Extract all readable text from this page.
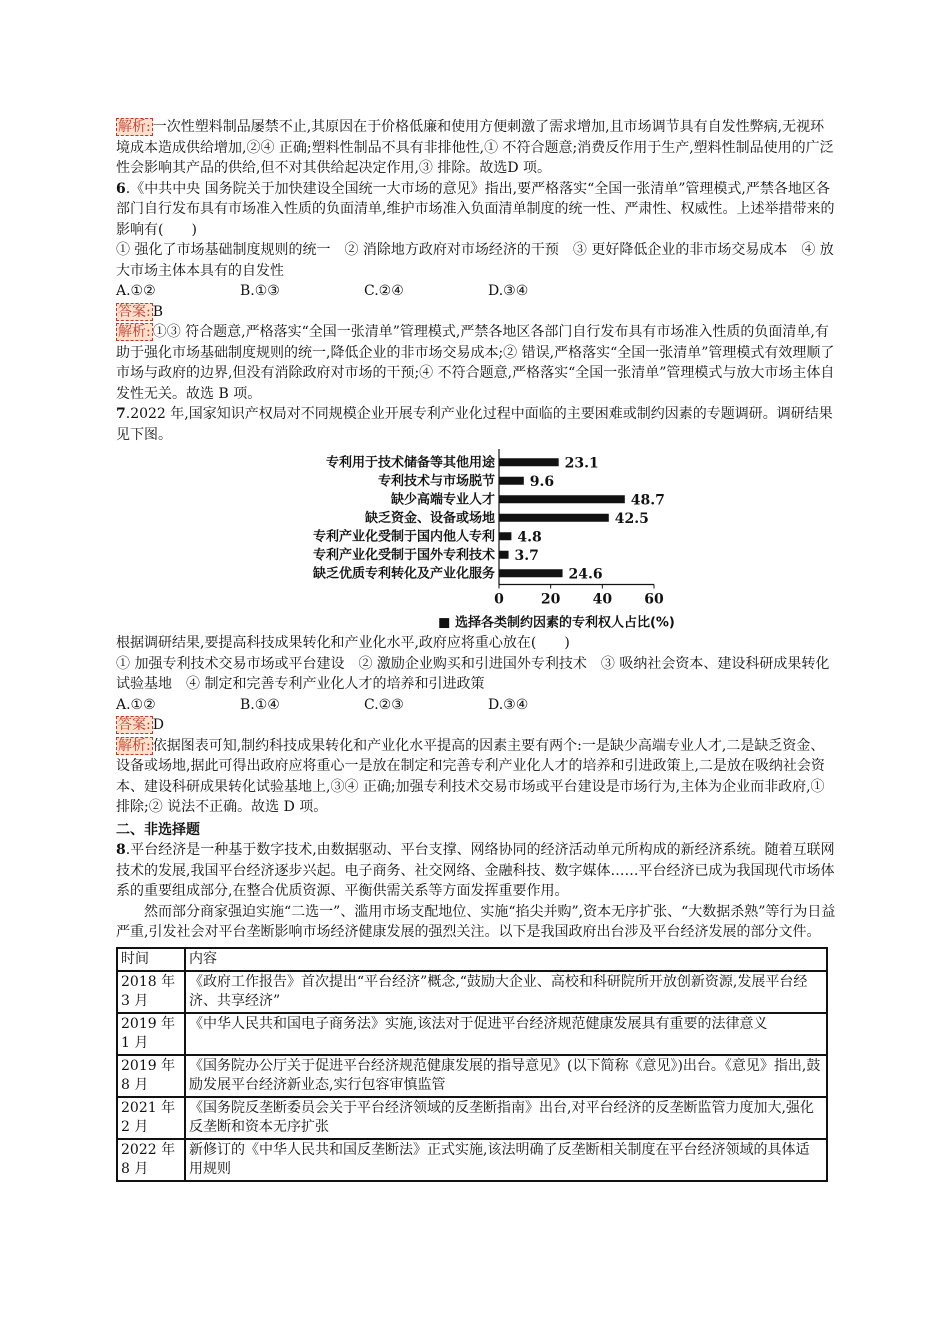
解析: 一次性塑料制品屡禁不止,其原因在于价格低廉和使用方便刺激了需求增加,且市场调节具有自发性弊病,无视环境成本造成供给增加,②④ 正确;塑料性制品不具有非排他性,① 不符合题意;消费反作用于生产,塑料性制品使用的广泛性会影响其产品的供给,但不对其供给起决定作用,③ 排除。故选D 项。

6.《中共中央 国务院关于加快建设全国统一大市场的意见》指出,要严格落实“全国一张清单”管理模式,严禁各地区各部门自行发布具有市场准入性质的负面清单,维护市场准入负面清单制度的统一性、严肃性、权威性。上述举措带来的影响有(　　)

① 强化了市场基础制度规则的统一　② 消除地方政府对市场经济的干预　③ 更好降低企业的非市场交易成本　④ 放大市场主体本具有的自发性

A.①②	B.①③	C.②④	D.③④

答案: B

解析: ①③ 符合题意,严格落实“全国一张清单”管理模式,严禁各地区各部门自行发布具有市场准入性质的负面清单,有助于强化市场基础制度规则的统一,降低企业的非市场交易成本;② 错误,严格落实“全国一张清单”管理模式有效理顺了市场与政府的边界,但没有消除政府对市场的干预;④ 不符合题意,严格落实“全国一张清单”管理模式与放大市场主体自发性无关。故选 B 项。

7.2022 年,国家知识产权局对不同规模企业开展专利产业化过程中面临的主要困难或制约因素的专题调研。调研结果见下图。

专利用于技术储备等其他用途	23.1
专利技术与市场脱节 9.6
缺少高端专业人才	48.7
缺乏资金、设备或场地	42.5
专利产业化受制于国内他人专利 4.8
专利产业化受制于国外专利技术 3.7
缺乏优质专利转化及产业化服务	24.6
0	20 40 60
■ 选择各类制约因素的专利权人占比(%)

根据调研结果,要提高科技成果转化和产业化水平,政府应将重心放在(　　)

① 加强专利技术交易市场或平台建设　② 激励企业购买和引进国外专利技术　③ 吸纳社会资本、建设科研成果转化试验基地　④ 制定和完善专利产业化人才的培养和引进政策

A.①②	B.①④	C.②③	D.③④

答案: D

解析: 依据图表可知,制约科技成果转化和产业化水平提高的因素主要有两个:一是缺少高端专业人才,二是缺乏资金、设备或场地,据此可得出政府应将重心一是放在制定和完善专利产业化人才的培养和引进政策上,二是放在吸纳社会资本、建设科研成果转化试验基地上,③④ 正确;加强专利技术交易市场或平台建设是市场行为,主体为企业而非政府,① 排除;② 说法不正确。故选 D 项。

二、非选择题

8.平台经济是一种基于数字技术,由数据驱动、平台支撑、网络协同的经济活动单元所构成的新经济系统。随着互联网技术的发展,我国平台经济逐步兴起。电子商务、社交网络、金融科技、数字媒体……平台经济已成为我国现代市场体系的重要组成部分,在整合优质资源、平衡供需关系等方面发挥重要作用。

然而部分商家强迫实施“二选一”、滥用市场支配地位、实施“掐尖并购”,资本无序扩张、“大数据杀熟”等行为日益严重,引发社会对平台垄断影响市场经济健康发展的强烈关注。以下是我国政府出台涉及平台经济发展的部分文件。

时间	内容
2018 年 3 月	《政府工作报告》首次提出“平台经济”概念,“鼓励大企业、高校和科研院所开放创新资源,发展平台经济、共享经济”
2019 年 1 月	《中华人民共和国电子商务法》实施,该法对于促进平台经济规范健康发展具有重要的法律意义
2019 年 8 月	《国务院办公厅关于促进平台经济规范健康发展的指导意见》(以下简称《意见》)出台。《意见》指出,鼓励发展平台经济新业态,实行包容审慎监管
2021 年 2 月	《国务院反垄断委员会关于平台经济领域的反垄断指南》出台,对平台经济的反垄断监管力度加大,强化反垄断和资本无序扩张
2022 年 8 月	新修订的《中华人民共和国反垄断法》正式实施,该法明确了反垄断相关制度在平台经济领域的具体适用规则
